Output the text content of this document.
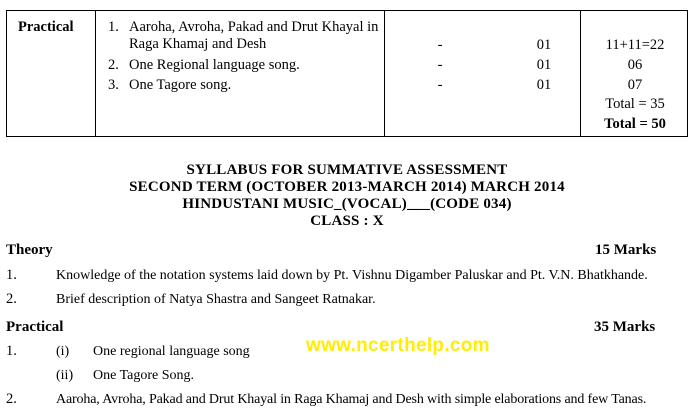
Practical 1. Aaroha, Avroha, Pakad and Drut Khayal in
Raga Khamaj and Desh	-	01	11+11=22
2. One Regional language song.	-	01	06
3. One Tagore song.	-	01	07
Total = 35
Total = 50
SYLLABUS FOR SUMMATIVE ASSESSMENT
SECOND TERM (OCTOBER 2013-MARCH 2014) MARCH 2014
HINDUSTANI MUSIC_(VOCAL)___(CODE 034)
CLASS : X
Theory	15 Marks
1.	Knowledge of the notation systems laid down by Pt. Vishnu Digamber Paluskar and Pt. V.N. Bhatkhande.
2.	Brief description of Natya Shastra and Sangeet Ratnakar.
Practical	35 Marks
1.	(i) One regional language song
(ii) One Tagore Song.
2.	Aaroha, Avroha, Pakad and Drut Khayal in Raga Khamaj and Desh with simple elaborations and few Tanas.
www.ncerthelp.com
